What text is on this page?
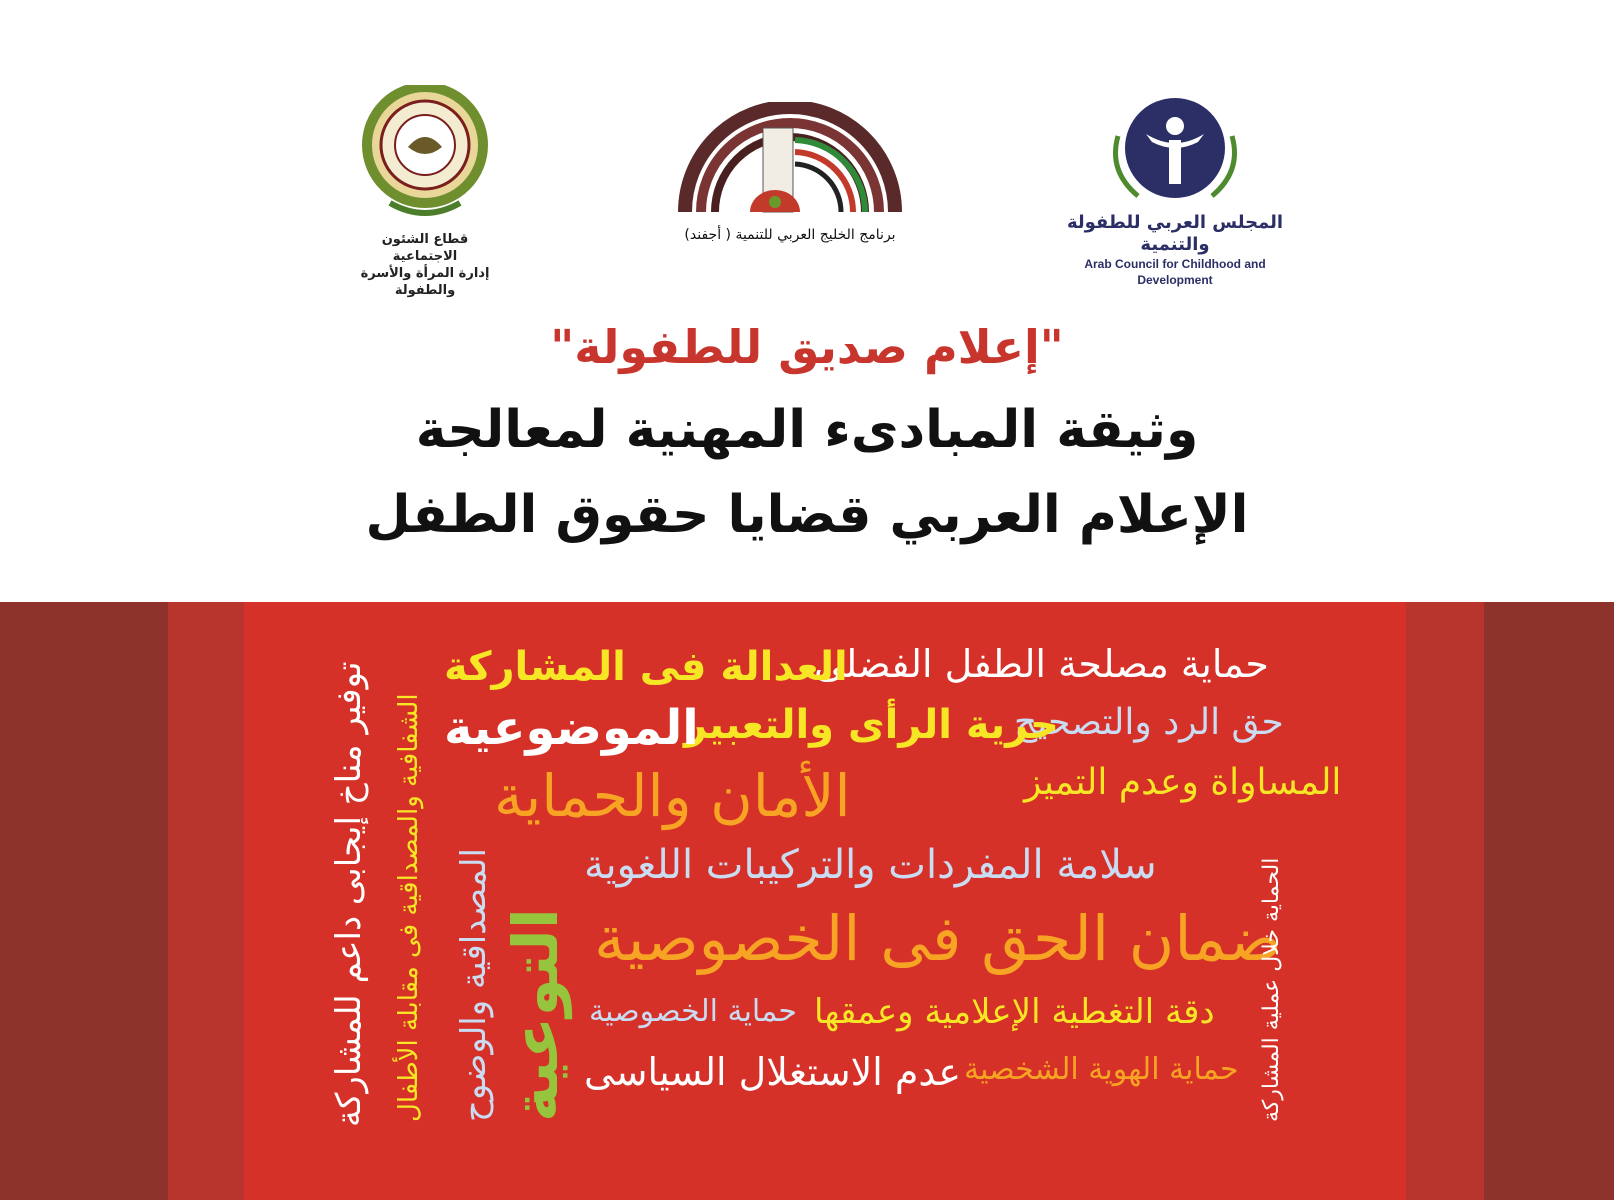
قطاع الشئون الاجتماعية
إدارة المرأة والأسرة والطفولة
برنامج الخليج العربي للتنمية ( أجفند)
المجلس العربي للطفولة والتنمية
Arab Council for Childhood and Development
"إعلام صديق للطفولة"
وثيقة المبادىء المهنية لمعالجة
الإعلام العربي قضايا حقوق الطفل
حماية مصلحة الطفل الفضلى
العدالة فى المشاركة
حق الرد والتصحيح
حرية الرأى والتعبير
الموضوعية
المساواة وعدم التميز
الأمان والحماية
سلامة المفردات والتركيبات اللغوية
ضمان الحق فى الخصوصية
دقة التغطية الإعلامية وعمقها
حماية الخصوصية
حماية الهوية الشخصية
عدم الاستغلال السياسى
توفير مناخ إيجابى داعم للمشاركة الشفافية والمصداقية فى مقابلة الأطفال المصداقية والوضوح التوعية	الحماية خلال عملية المشاركة
